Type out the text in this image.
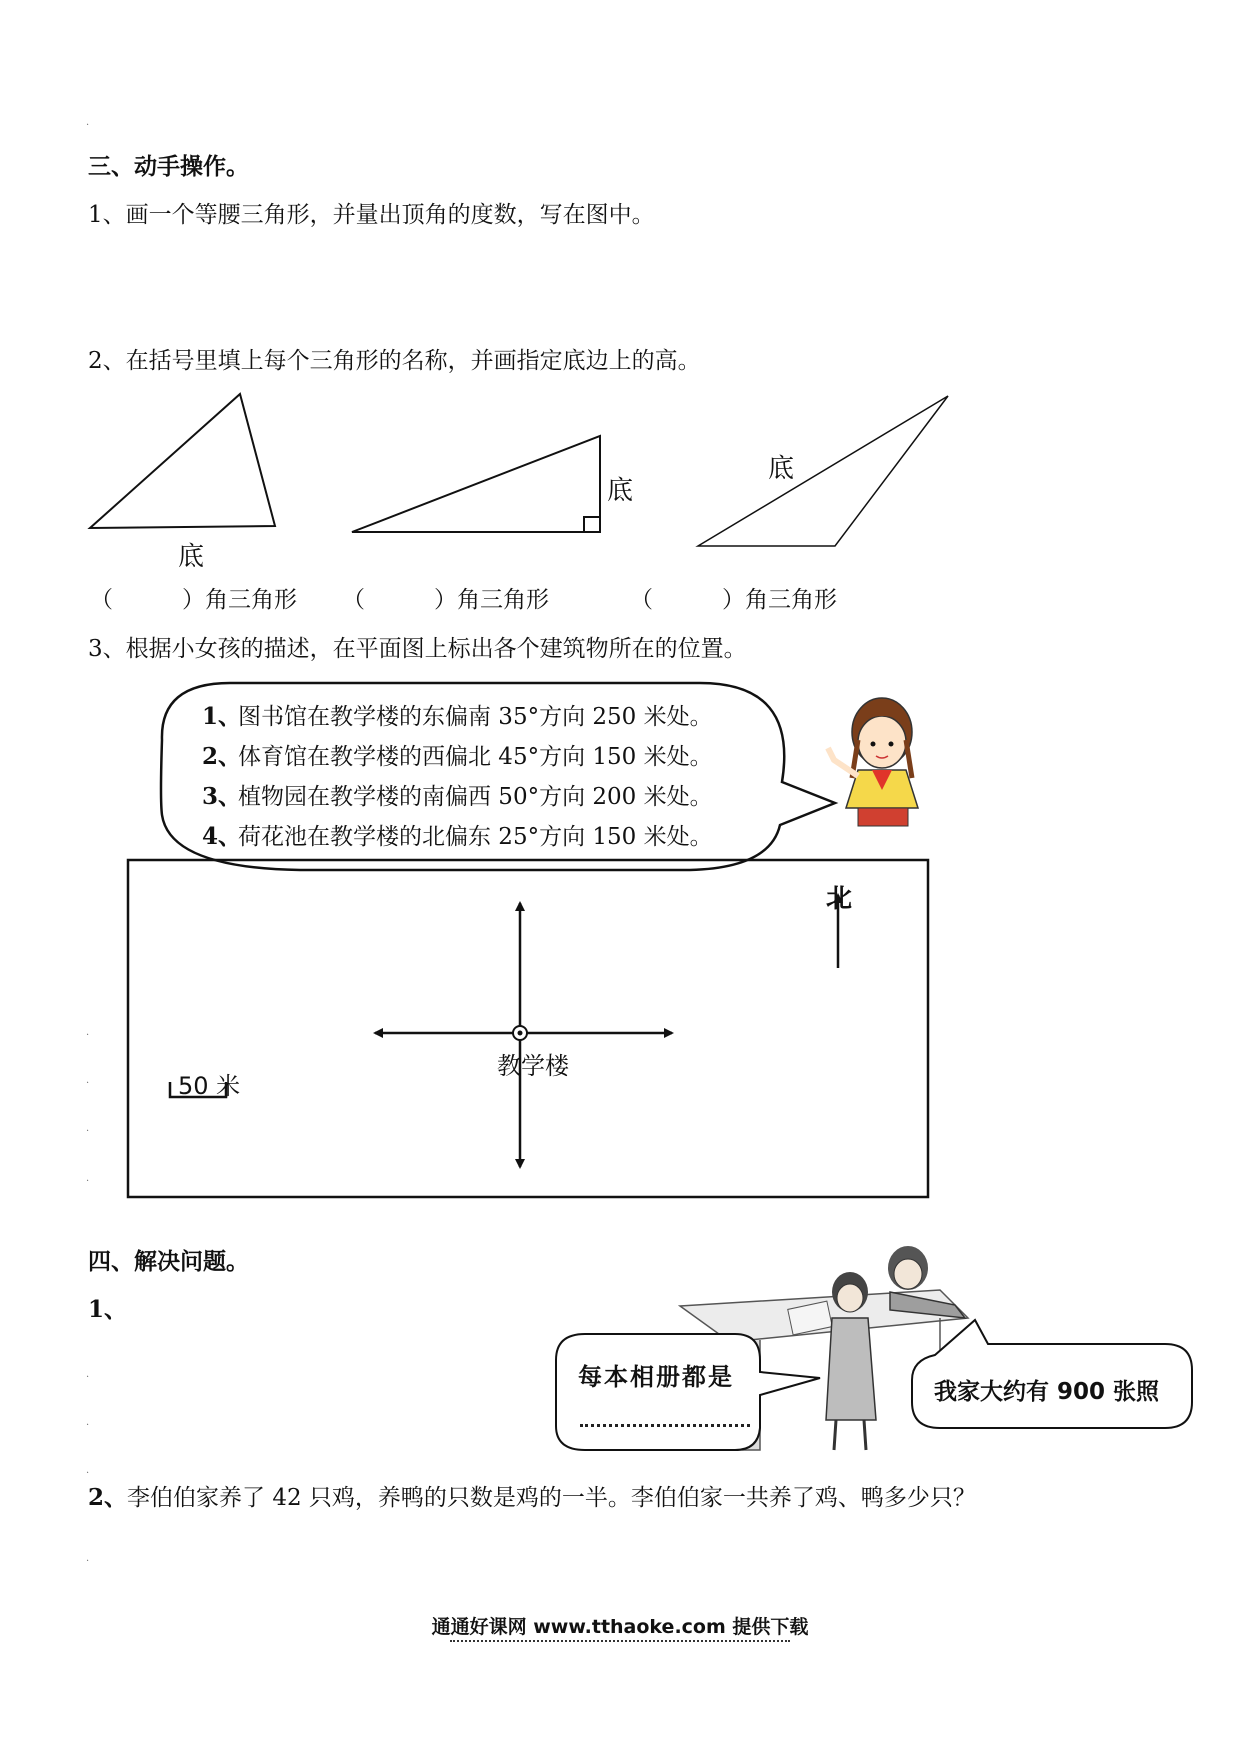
·
·
·
·
·
·
·
·
·
三、动手操作。
1、画一个等腰三角形，并量出顶角的度数，写在图中。
2、在括号里填上每个三角形的名称，并画指定底边上的高。
底
底
底
（　　　）角三角形 （　　　）角三角形	（　　　）角三角形
3、根据小女孩的描述，在平面图上标出各个建筑物所在的位置。
1、图书馆在教学楼的东偏南 35°方向 250 米处。
2、体育馆在教学楼的西偏北 45°方向 150 米处。
3、植物园在教学楼的南偏西 50°方向 200 米处。
4、荷花池在教学楼的北偏东 25°方向 150 米处。
北
教学楼
50 米
四、解决问题。
1、
每本相册都是
我家大约有 900 张照
2、李伯伯家养了 42 只鸡，养鸭的只数是鸡的一半。李伯伯家一共养了鸡、鸭多少只？
通通好课网 www.tthaoke.com 提供下载
